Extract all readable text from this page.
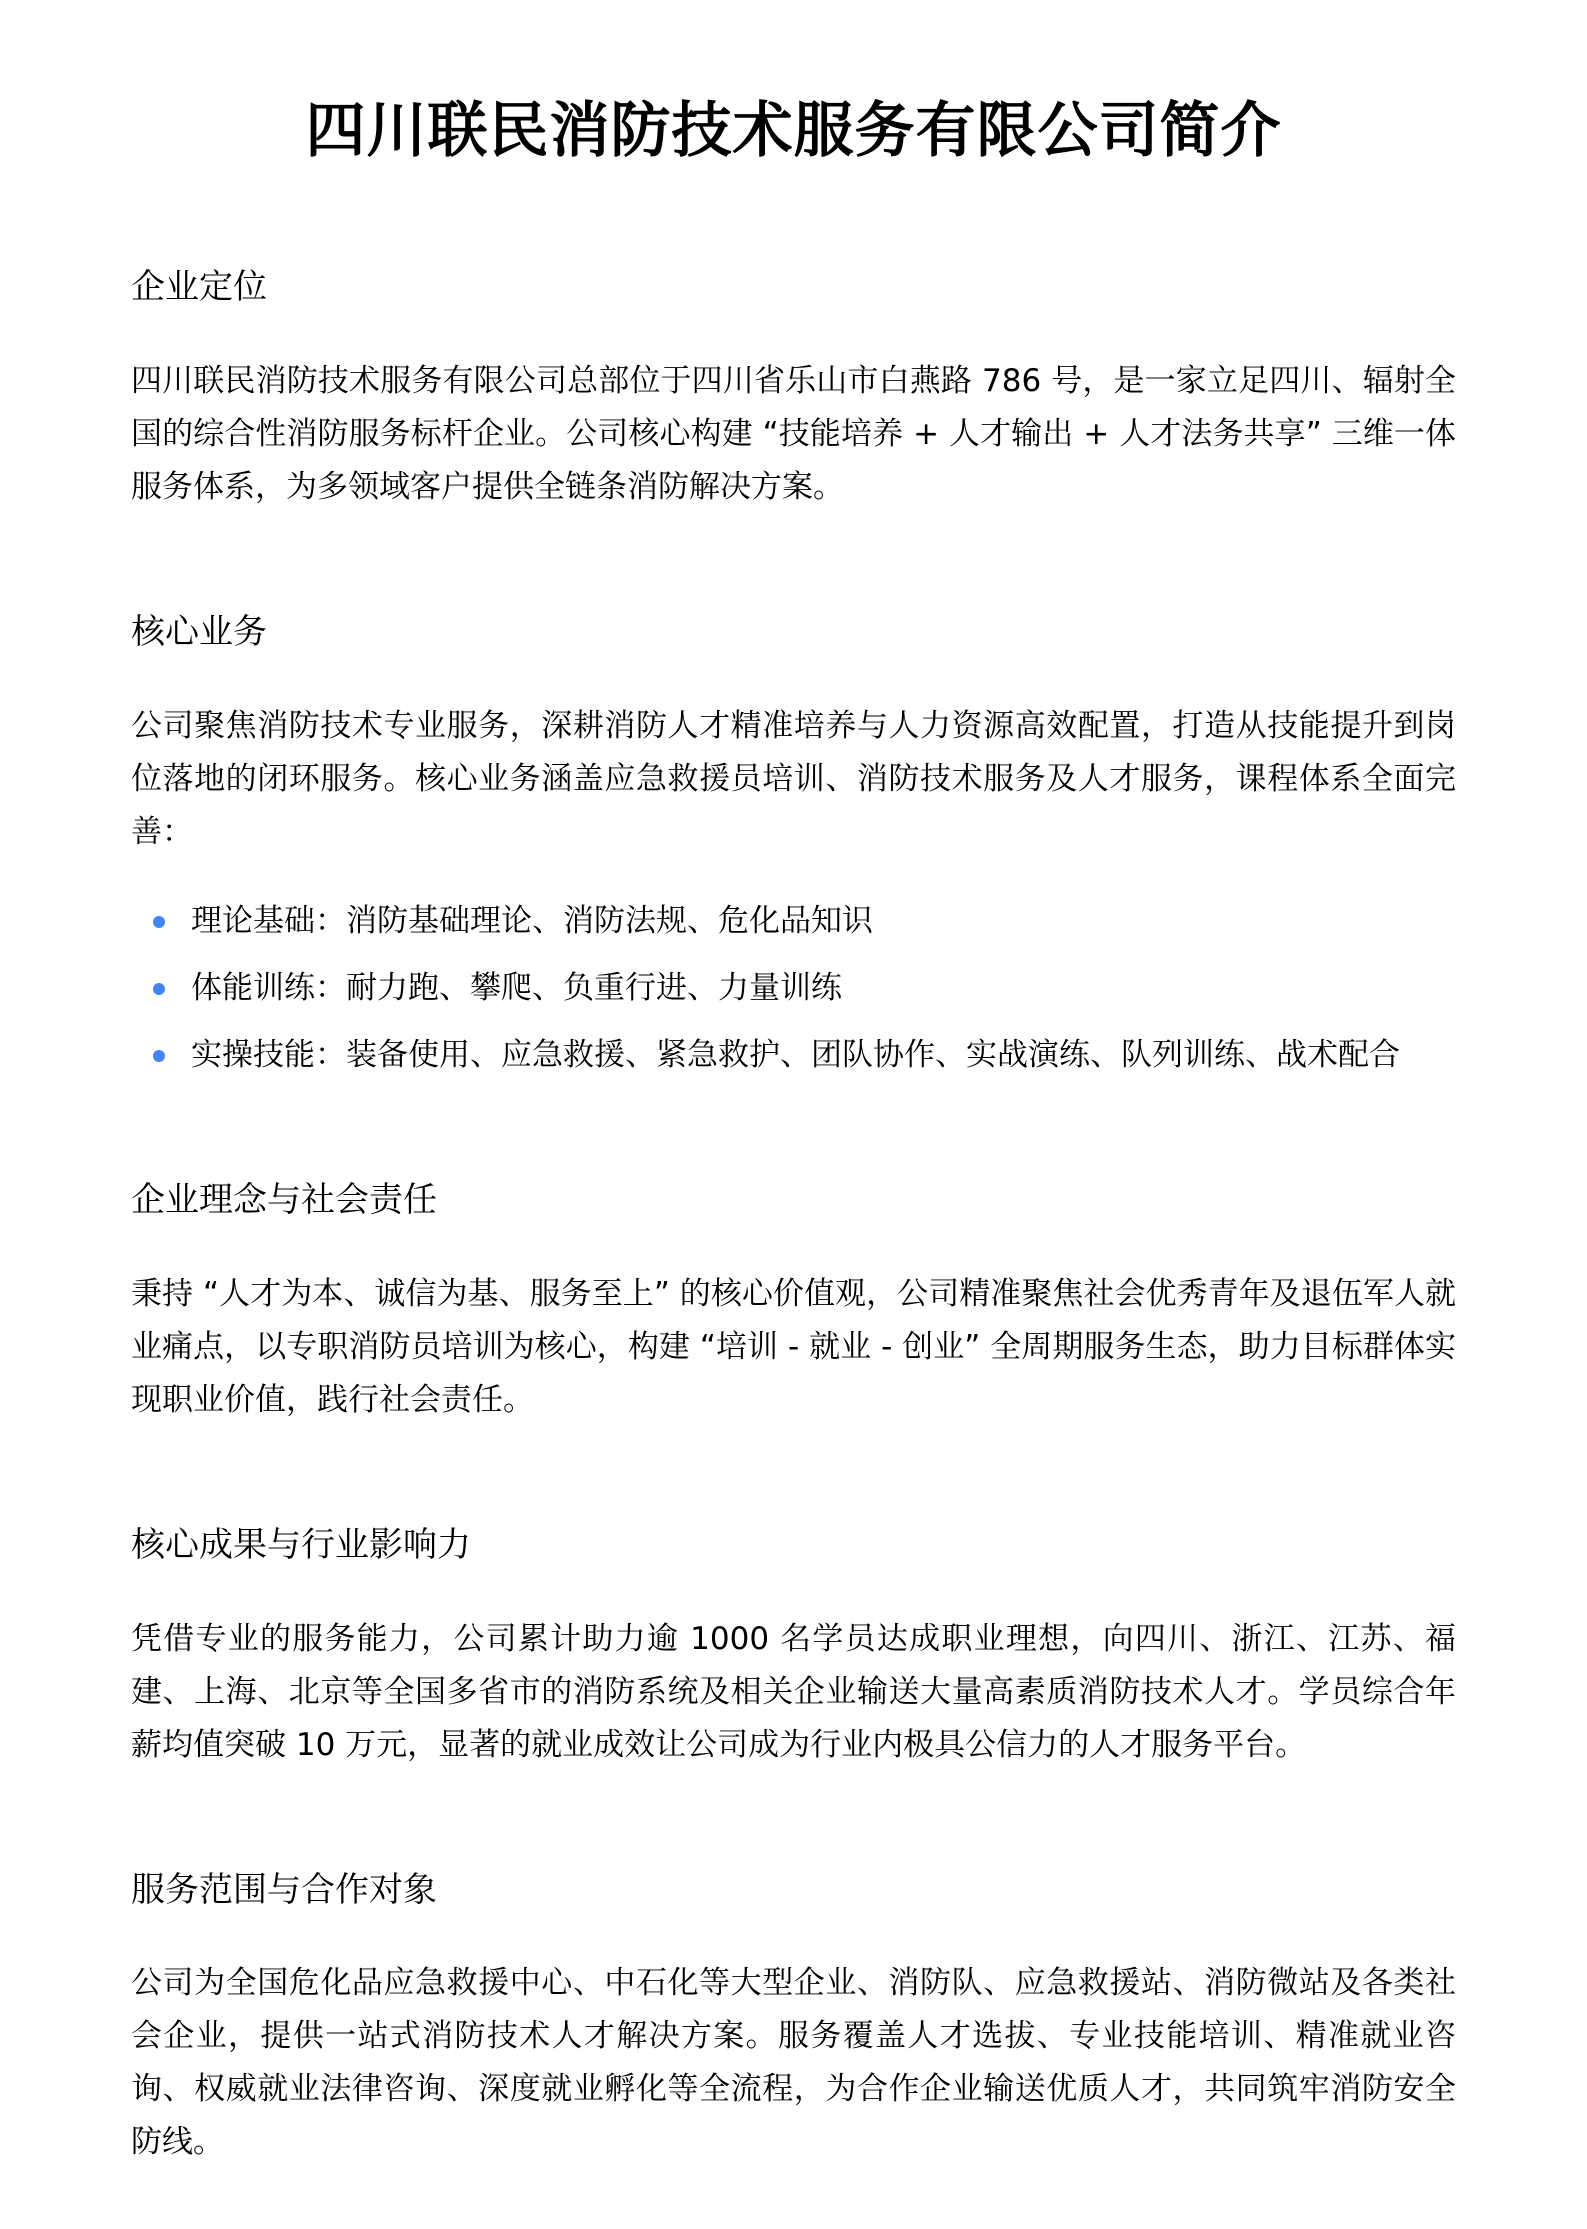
四川联民消防技术服务有限公司简介
企业定位

四川联民消防技术服务有限公司总部位于四川省乐山市白燕路 786 号，是一家立足四川、辐射全国的综合性消防服务标杆企业。公司核心构建 “技能培养 + 人才输出 + 人才法务共享” 三维一体服务体系，为多领域客户提供全链条消防解决方案。

核心业务

公司聚焦消防技术专业服务，深耕消防人才精准培养与人力资源高效配置，打造从技能提升到岗位落地的闭环服务。核心业务涵盖应急救援员培训、消防技术服务及人才服务，课程体系全面完善：

理论基础：消防基础理论、消防法规、危化品知识
体能训练：耐力跑、攀爬、负重行进、力量训练
实操技能：装备使用、应急救援、紧急救护、团队协作、实战演练、队列训练、战术配合
企业理念与社会责任

秉持 “人才为本、诚信为基、服务至上” 的核心价值观，公司精准聚焦社会优秀青年及退伍军人就业痛点，以专职消防员培训为核心，构建 “培训 - 就业 - 创业” 全周期服务生态，助力目标群体实现职业价值，践行社会责任。

核心成果与行业影响力

凭借专业的服务能力，公司累计助力逾 1000 名学员达成职业理想，向四川、浙江、江苏、福建、上海、北京等全国多省市的消防系统及相关企业输送大量高素质消防技术人才。学员综合年薪均值突破 10 万元，显著的就业成效让公司成为行业内极具公信力的人才服务平台。

服务范围与合作对象

公司为全国危化品应急救援中心、中石化等大型企业、消防队、应急救援站、消防微站及各类社会企业，提供一站式消防技术人才解决方案。服务覆盖人才选拔、专业技能培训、精准就业咨询、权威就业法律咨询、深度就业孵化等全流程，为合作企业输送优质人才，共同筑牢消防安全防线。
